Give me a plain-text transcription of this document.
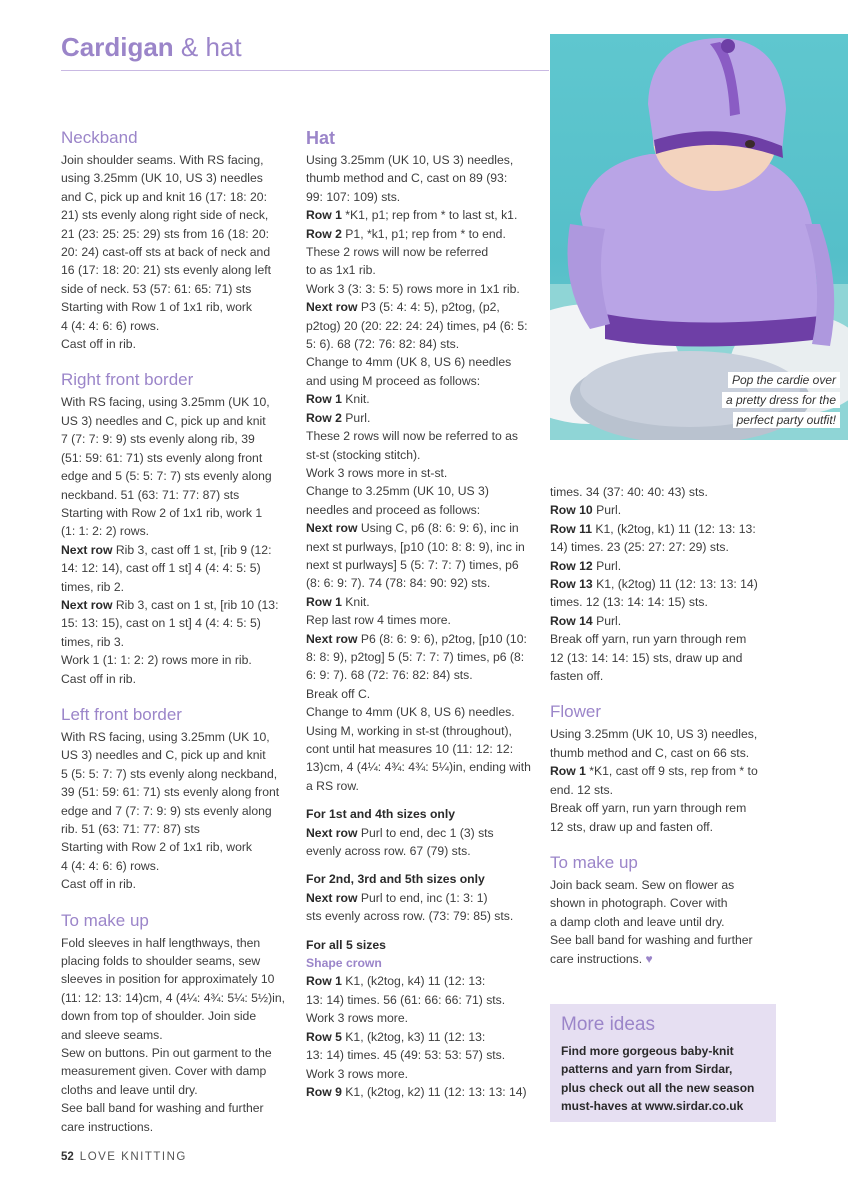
Cardigan & hat

Neckband

Join shoulder seams. With RS facing,

using 3.25mm (UK 10, US 3) needles

and C, pick up and knit 16 (17: 18: 20:

21) sts evenly along right side of neck,

21 (23: 25: 25: 29) sts from 16 (18: 20:

20: 24) cast-off sts at back of neck and

16 (17: 18: 20: 21) sts evenly along left

side of neck. 53 (57: 61: 65: 71) sts

Starting with Row 1 of 1x1 rib, work

4 (4: 4: 6: 6) rows.

Cast off in rib.

Right front border

With RS facing, using 3.25mm (UK 10,

US 3) needles and C, pick up and knit

7 (7: 7: 9: 9) sts evenly along rib, 39

(51: 59: 61: 71) sts evenly along front

edge and 5 (5: 5: 7: 7) sts evenly along

neckband. 51 (63: 71: 77: 87) sts

Starting with Row 2 of 1x1 rib, work 1

(1: 1: 2: 2) rows.

Next row Rib 3, cast off 1 st, [rib 9 (12:

14: 12: 14), cast off 1 st] 4 (4: 4: 5: 5)

times, rib 2.

Next row Rib 3, cast on 1 st, [rib 10 (13:

15: 13: 15), cast on 1 st] 4 (4: 4: 5: 5)

times, rib 3.

Work 1 (1: 1: 2: 2) rows more in rib.

Cast off in rib.

Left front border

With RS facing, using 3.25mm (UK 10,

US 3) needles and C, pick up and knit

5 (5: 5: 7: 7) sts evenly along neckband,

39 (51: 59: 61: 71) sts evenly along front

edge and 7 (7: 7: 9: 9) sts evenly along

rib. 51 (63: 71: 77: 87) sts

Starting with Row 2 of 1x1 rib, work

4 (4: 4: 6: 6) rows.

Cast off in rib.

To make up

Fold sleeves in half lengthways, then

placing folds to shoulder seams, sew

sleeves in position for approximately 10

(11: 12: 13: 14)cm, 4 (4¼: 4¾: 5¼: 5½)in,

down from top of shoulder. Join side

and sleeve seams.

Sew on buttons. Pin out garment to the

measurement given. Cover with damp

cloths and leave until dry.

See ball band for washing and further

care instructions.

Hat

Using 3.25mm (UK 10, US 3) needles,

thumb method and C, cast on 89 (93:

99: 107: 109) sts.

Row 1 *K1, p1; rep from * to last st, k1.

Row 2 P1, *k1, p1; rep from * to end.

These 2 rows will now be referred

to as 1x1 rib.

Work 3 (3: 3: 5: 5) rows more in 1x1 rib.

Next row P3 (5: 4: 4: 5), p2tog, (p2,

p2tog) 20 (20: 22: 24: 24) times, p4 (6: 5:

5: 6). 68 (72: 76: 82: 84) sts.

Change to 4mm (UK 8, US 6) needles

and using M proceed as follows:

Row 1 Knit.

Row 2 Purl.

These 2 rows will now be referred to as

st-st (stocking stitch).

Work 3 rows more in st-st.

Change to 3.25mm (UK 10, US 3)

needles and proceed as follows:

Next row Using C, p6 (8: 6: 9: 6), inc in

next st purlways, [p10 (10: 8: 8: 9), inc in

next st purlways] 5 (5: 7: 7: 7) times, p6

(8: 6: 9: 7). 74 (78: 84: 90: 92) sts.

Row 1 Knit.

Rep last row 4 times more.

Next row P6 (8: 6: 9: 6), p2tog, [p10 (10:

8: 8: 9), p2tog] 5 (5: 7: 7: 7) times, p6 (8:

6: 9: 7). 68 (72: 76: 82: 84) sts.

Break off C.

Change to 4mm (UK 8, US 6) needles.

Using M, working in st-st (throughout),

cont until hat measures 10 (11: 12: 12:

13)cm, 4 (4¼: 4¾: 4¾: 5¼)in, ending with

a RS row.

For 1st and 4th sizes only

Next row Purl to end, dec 1 (3) sts

evenly across row. 67 (79) sts.

For 2nd, 3rd and 5th sizes only

Next row Purl to end, inc (1: 3: 1)

sts evenly across row. (73: 79: 85) sts.

For all 5 sizes

Shape crown

Row 1 K1, (k2tog, k4) 11 (12: 13:

13: 14) times. 56 (61: 66: 66: 71) sts.

Work 3 rows more.

Row 5 K1, (k2tog, k3) 11 (12: 13:

13: 14) times. 45 (49: 53: 53: 57) sts.

Work 3 rows more.

Row 9 K1, (k2tog, k2) 11 (12: 13: 13: 14)

Pop the cardie over
a pretty dress for the
perfect party outfit!

times. 34 (37: 40: 40: 43) sts.

Row 10 Purl.

Row 11 K1, (k2tog, k1) 11 (12: 13: 13:

14) times. 23 (25: 27: 27: 29) sts.

Row 12 Purl.

Row 13 K1, (k2tog) 11 (12: 13: 13: 14)

times. 12 (13: 14: 14: 15) sts.

Row 14 Purl.

Break off yarn, run yarn through rem

12 (13: 14: 14: 15) sts, draw up and

fasten off.

Flower

Using 3.25mm (UK 10, US 3) needles,

thumb method and C, cast on 66 sts.

Row 1 *K1, cast off 9 sts, rep from * to

end. 12 sts.

Break off yarn, run yarn through rem

12 sts, draw up and fasten off.

To make up

Join back seam. Sew on flower as

shown in photograph. Cover with

a damp cloth and leave until dry.

See ball band for washing and further

care instructions. ♥

More ideas
Find more gorgeous baby-knit
patterns and yarn from Sirdar,
plus check out all the new season
must-haves at www.sirdar.co.uk
52 LOVE KNITTING
